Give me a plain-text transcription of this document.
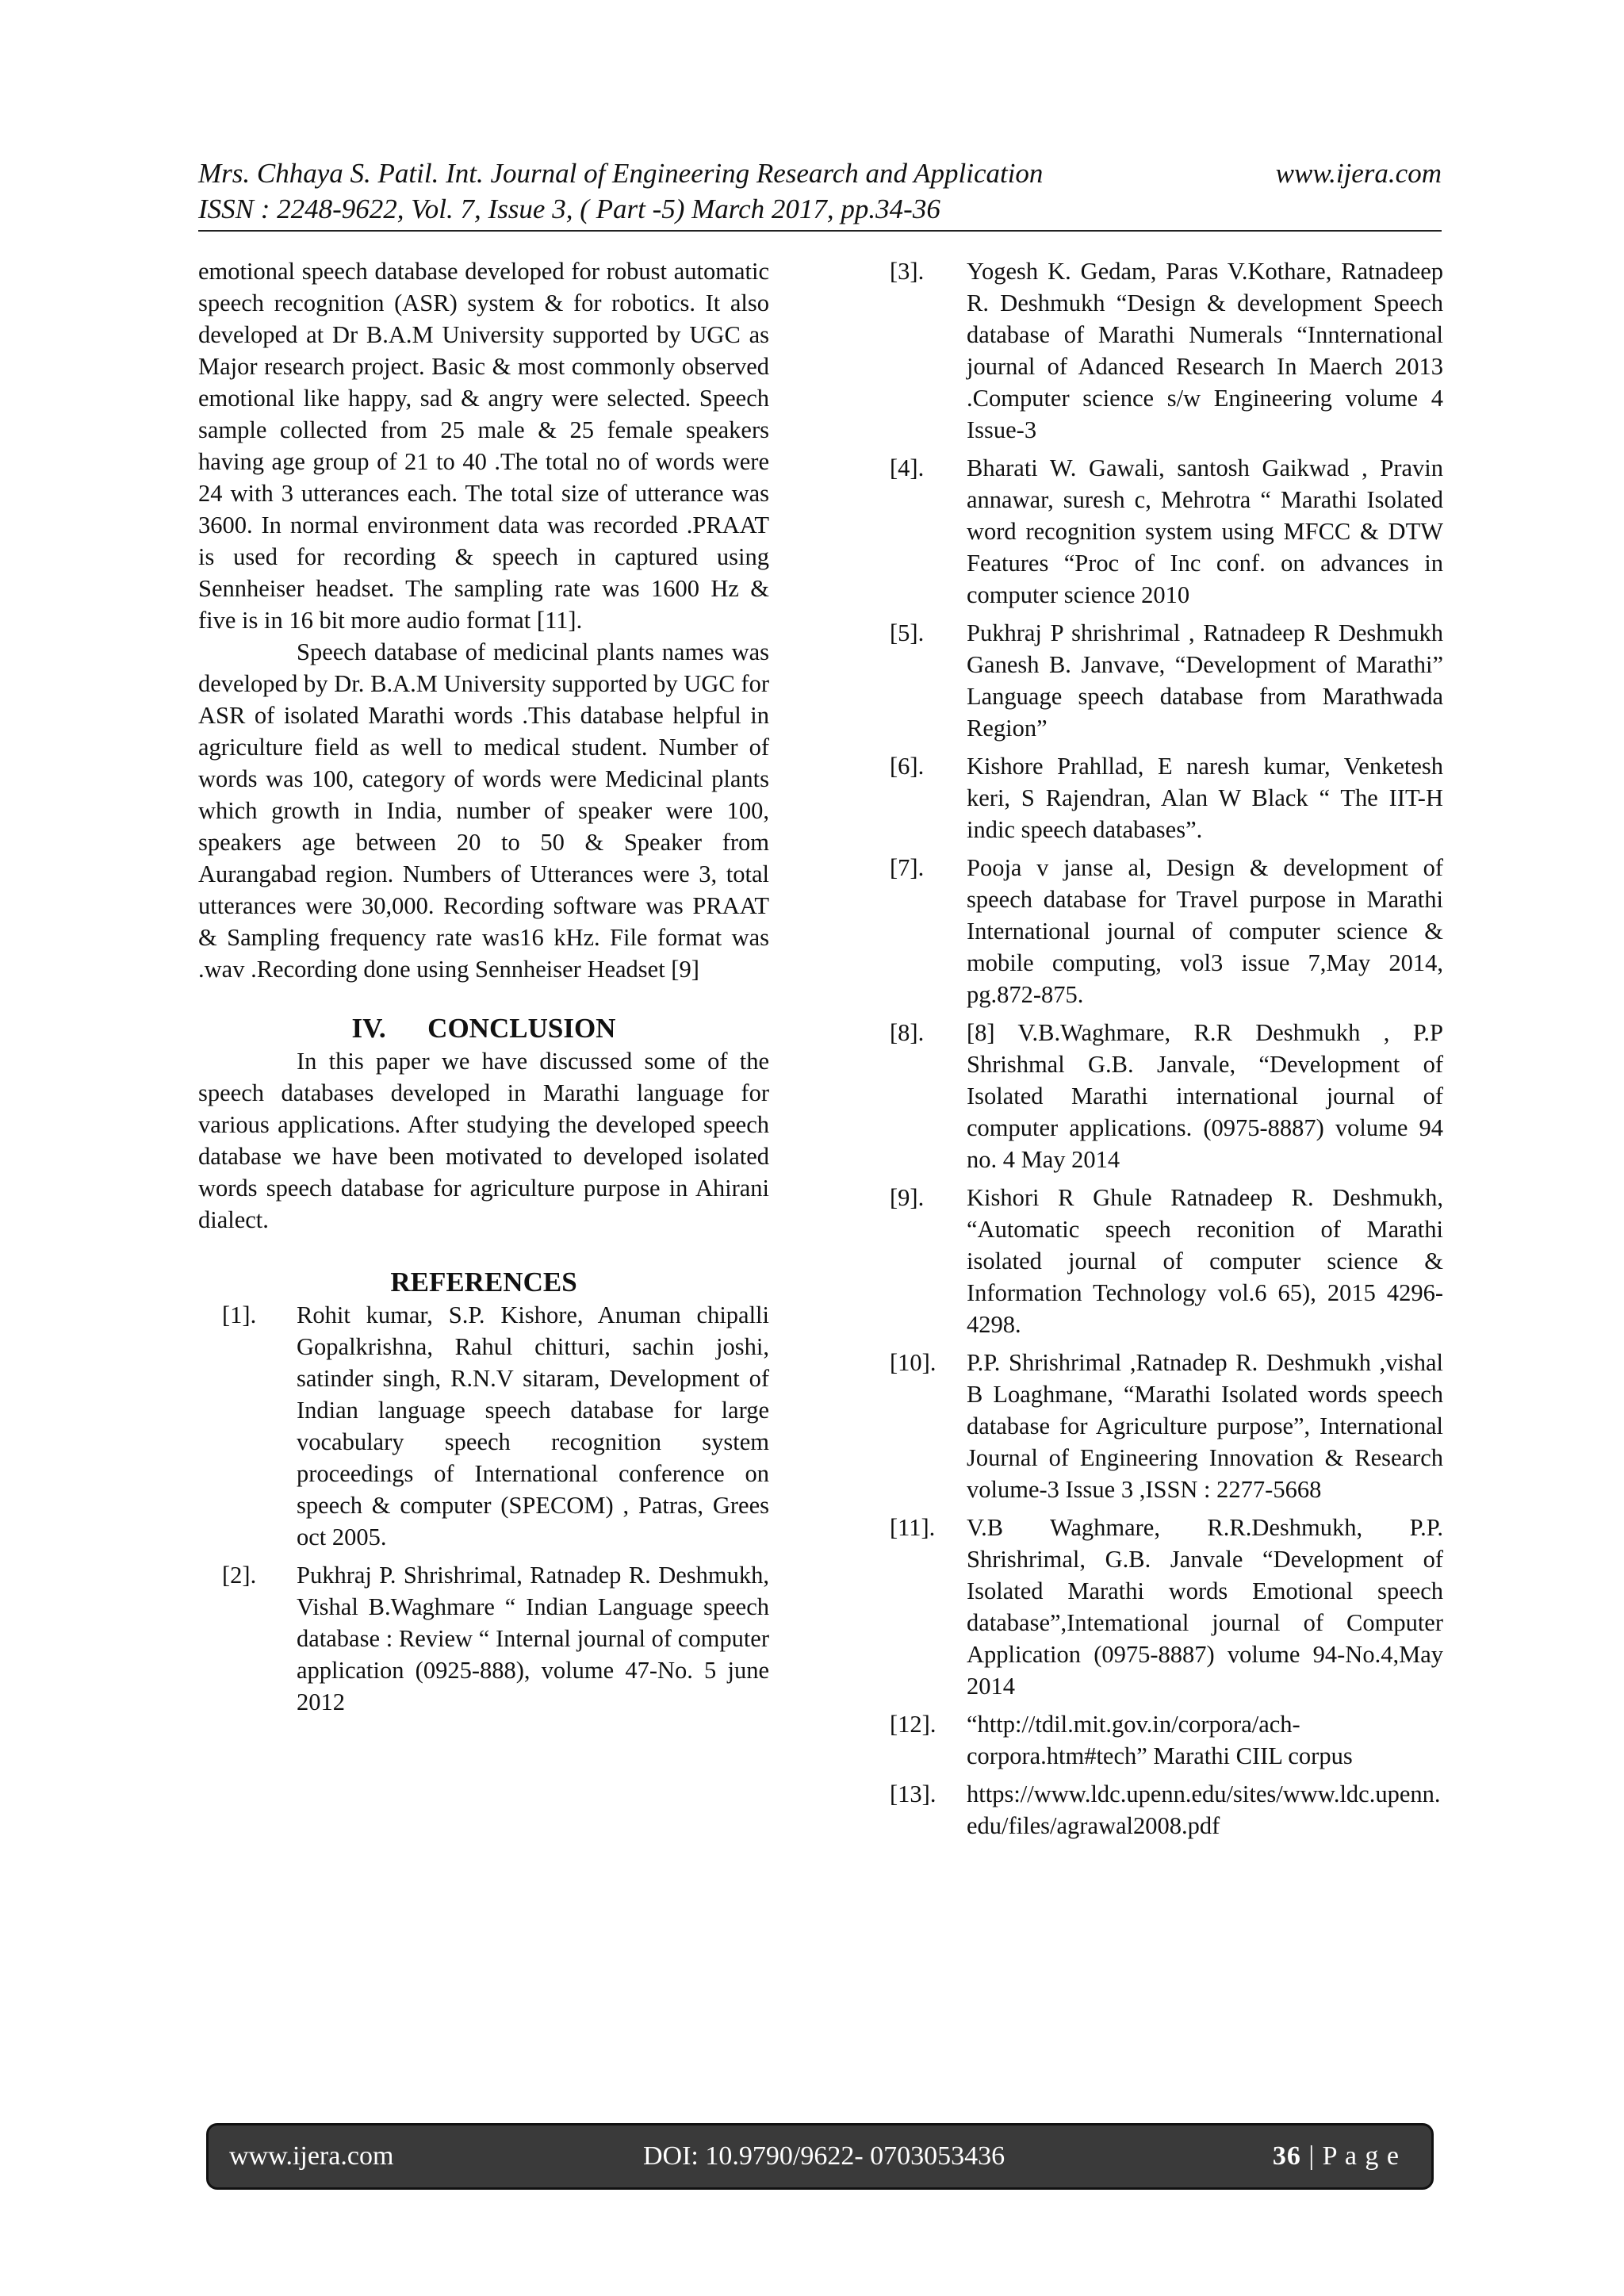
Mrs. Chhaya S. Patil. Int. Journal of Engineering Research and Application	www.ijera.com
ISSN : 2248-9622, Vol. 7, Issue 3, ( Part -5) March 2017, pp.34-36

emotional speech database developed for robust automatic speech recognition (ASR) system & for robotics. It also developed at Dr B.A.M University supported by UGC as Major research project. Basic & most commonly observed emotional like happy, sad & angry were selected. Speech sample collected from 25 male & 25 female speakers having age group of 21 to 40 .The total no of words were 24 with 3 utterances each. The total size of utterance was 3600. In normal environment data was recorded .PRAAT is used for recording & speech in captured using Sennheiser headset. The sampling rate was 1600 Hz & five is in 16 bit more audio format [11].

Speech database of medicinal plants names was developed by Dr. B.A.M University supported by UGC for ASR of isolated Marathi words .This database helpful in agriculture field as well to medical student. Number of words was 100, category of words were Medicinal plants which growth in India, number of speaker were 100, speakers age between 20 to 50 & Speaker from Aurangabad region. Numbers of Utterances were 3, total utterances were 30,000. Recording software was PRAAT & Sampling frequency rate was16 kHz. File format was .wav .Recording done using Sennheiser Headset [9]

IV.      CONCLUSION

In this paper we have discussed some of the speech databases developed in Marathi language for various applications. After studying the developed speech database we have been motivated to developed isolated words speech database for agriculture purpose in Ahirani dialect.

REFERENCES
[1].	Rohit kumar, S.P. Kishore, Anuman chipalli Gopalkrishna, Rahul chitturi, sachin joshi, satinder singh, R.N.V sitaram, Development of Indian language speech database for large vocabulary speech recognition system proceedings of International conference on speech & computer (SPECOM) , Patras, Grees oct 2005.
[2].	Pukhraj P. Shrishrimal, Ratnadep R. Deshmukh, Vishal B.Waghmare “ Indian Language speech database : Review “ Internal journal of computer application (0925-888), volume 47-No. 5 june 2012
[3].	Yogesh K. Gedam, Paras V.Kothare, Ratnadeep R. Deshmukh “Design & development Speech database of Marathi Numerals “Innternational journal of Adanced Research In Maerch 2013 .Computer science s/w Engineering volume 4 Issue-3
[4].	Bharati W. Gawali, santosh Gaikwad , Pravin annawar, suresh c, Mehrotra “ Marathi Isolated word recognition system using MFCC & DTW Features “Proc of Inc conf. on advances in computer science 2010
[5].	Pukhraj P shrishrimal , Ratnadeep R Deshmukh Ganesh B. Janvave, “Development of Marathi” Language speech database from Marathwada Region”
[6].	Kishore Prahllad, E naresh kumar, Venketesh keri, S Rajendran, Alan W Black “ The IIT-H indic speech databases”.
[7].	Pooja v janse al, Design & development of speech database for Travel purpose in Marathi International journal of computer science & mobile computing, vol3 issue 7,May 2014, pg.872-875.
[8].	[8] V.B.Waghmare, R.R Deshmukh , P.P Shrishmal G.B. Janvale, “Development of Isolated Marathi international journal of computer applications. (0975-8887) volume 94 no. 4 May 2014
[9].	Kishori R Ghule Ratnadeep R. Deshmukh, “Automatic speech reconition of Marathi isolated journal of computer science & Information Technology vol.6 65), 2015 4296-4298.
[10].	P.P. Shrishrimal ,Ratnadep R. Deshmukh ,vishal B Loaghmane, “Marathi Isolated words speech database for Agriculture purpose”, International Journal of Engineering Innovation & Research volume-3 Issue 3 ,ISSN : 2277-5668
[11].	V.B Waghmare, R.R.Deshmukh, P.P. Shrishrimal, G.B. Janvale “Development of Isolated Marathi words Emotional speech database”,Intemational journal of Computer Application (0975-8887) volume 94-No.4,May 2014
[12].	“http://tdil.mit.gov.in/corpora/ach-corpora.htm#tech” Marathi CIIL corpus
[13].	https://www.ldc.upenn.edu/sites/www.ldc.upenn.edu/files/agrawal2008.pdf
www.ijera.com	DOI: 10.9790/9622- 0703053436	36 | P a g e
